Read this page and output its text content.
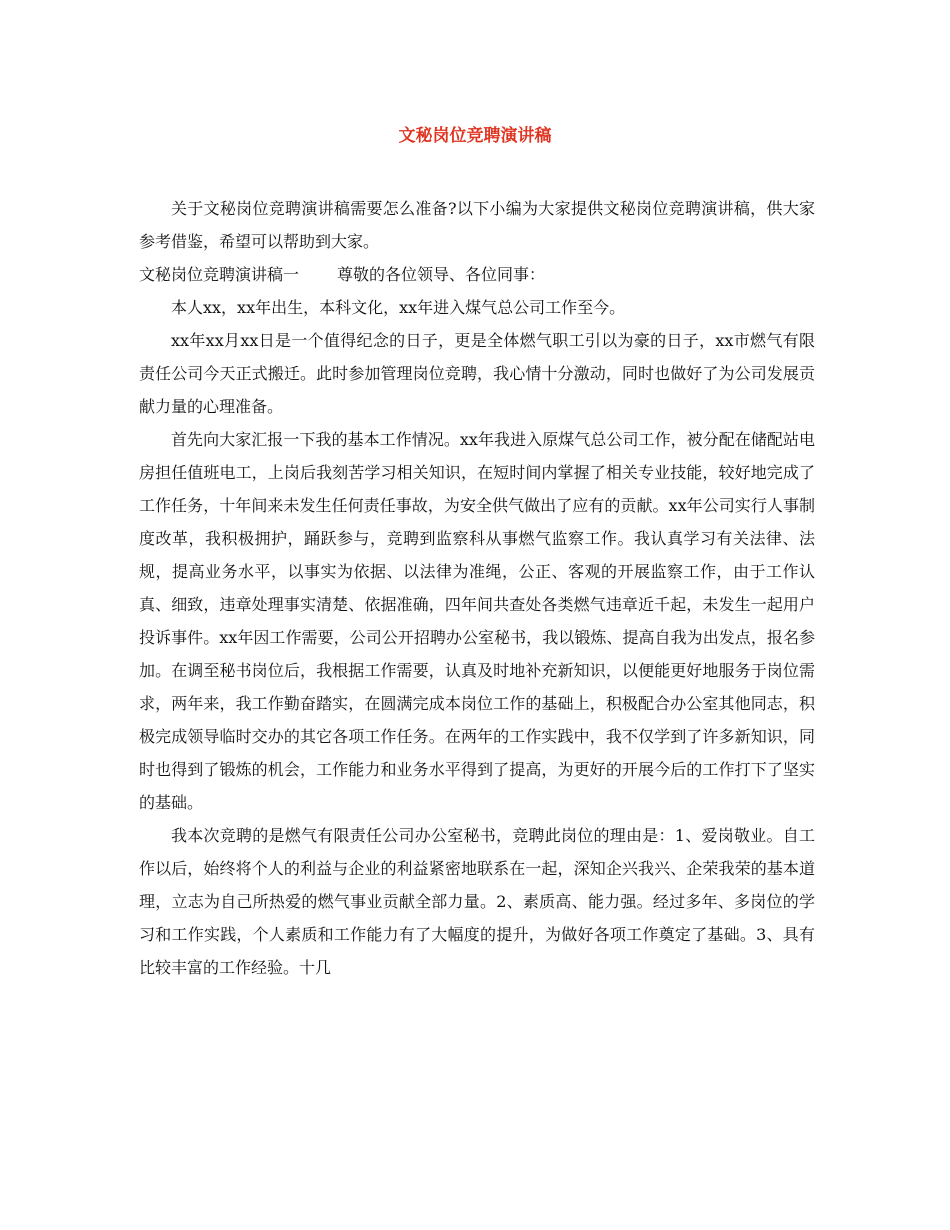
文秘岗位竞聘演讲稿

关于文秘岗位竞聘演讲稿需要怎么准备?以下小编为大家提供文秘岗位竞聘演讲稿，供大家参考借鉴，希望可以帮助到大家。

文秘岗位竞聘演讲稿一 尊敬的各位领导、各位同事：

本人xx，xx年出生，本科文化，xx年进入煤气总公司工作至今。

xx年xx月xx日是一个值得纪念的日子，更是全体燃气职工引以为豪的日子，xx市燃气有限责任公司今天正式搬迁。此时参加管理岗位竞聘，我心情十分激动，同时也做好了为公司发展贡献力量的心理准备。

首先向大家汇报一下我的基本工作情况。xx年我进入原煤气总公司工作，被分配在储配站电房担任值班电工，上岗后我刻苦学习相关知识，在短时间内掌握了相关专业技能，较好地完成了工作任务，十年间来未发生任何责任事故，为安全供气做出了应有的贡献。xx年公司实行人事制度改革，我积极拥护，踊跃参与，竞聘到监察科从事燃气监察工作。我认真学习有关法律、法规，提高业务水平，以事实为依据、以法律为准绳，公正、客观的开展监察工作，由于工作认真、细致，违章处理事实清楚、依据准确，四年间共查处各类燃气违章近千起，未发生一起用户投诉事件。xx年因工作需要，公司公开招聘办公室秘书，我以锻炼、提高自我为出发点，报名参加。在调至秘书岗位后，我根据工作需要，认真及时地补充新知识，以便能更好地服务于岗位需求，两年来，我工作勤奋踏实，在圆满完成本岗位工作的基础上，积极配合办公室其他同志，积极完成领导临时交办的其它各项工作任务。在两年的工作实践中，我不仅学到了许多新知识，同时也得到了锻炼的机会，工作能力和业务水平得到了提高，为更好的开展今后的工作打下了坚实的基础。

我本次竞聘的是燃气有限责任公司办公室秘书，竞聘此岗位的理由是：1、爱岗敬业。自工作以后，始终将个人的利益与企业的利益紧密地联系在一起，深知企兴我兴、企荣我荣的基本道理，立志为自己所热爱的燃气事业贡献全部力量。2、素质高、能力强。经过多年、多岗位的学习和工作实践，个人素质和工作能力有了大幅度的提升，为做好各项工作奠定了基础。3、具有比较丰富的工作经验。十几
